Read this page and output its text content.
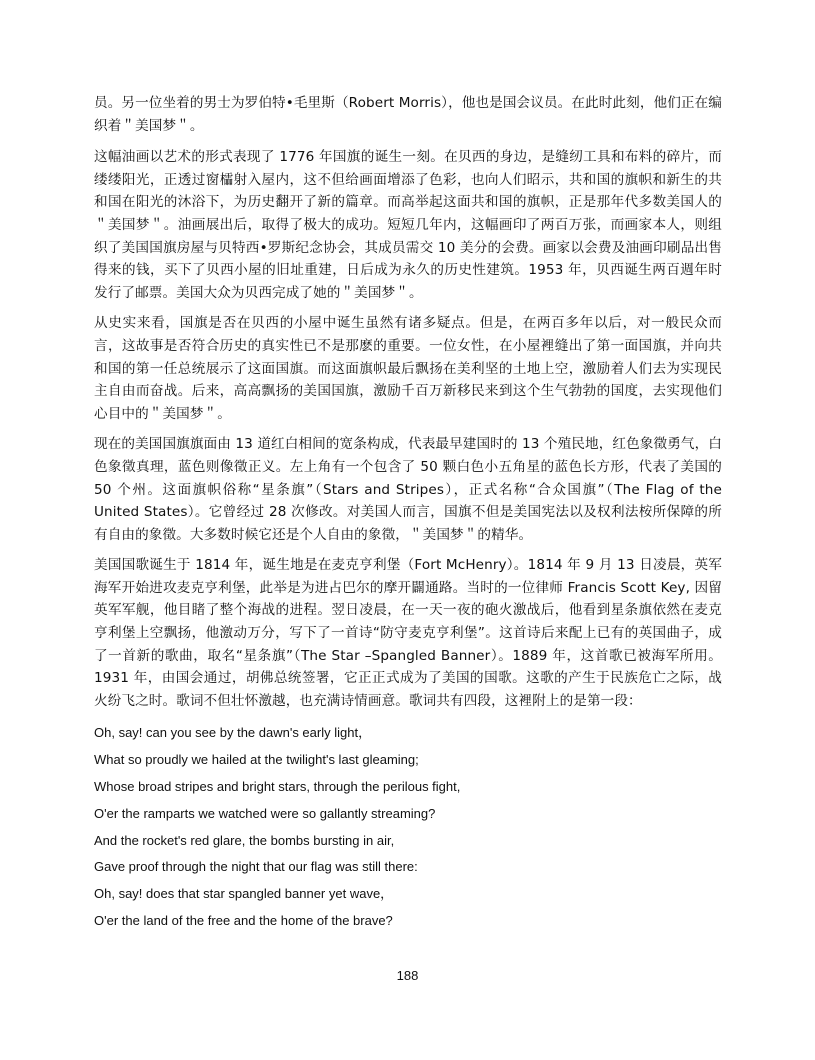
员。另一位坐着的男士为罗伯特•毛里斯（Robert Morris），他也是国会议员。在此时此刻，他们正在编织着＂美国梦＂。

这幅油画以艺术的形式表现了 1776 年国旗的诞生一刻。在贝西的身边，是缝纫工具和布料的碎片，而缕缕阳光，正透过窗櫺射入屋内，这不但给画面增添了色彩，也向人们昭示，共和国的旗帜和新生的共和国在阳光的沐浴下，为历史翻开了新的篇章。而高举起这面共和国的旗帜，正是那年代多数美国人的＂美国梦＂。油画展出后，取得了极大的成功。短短几年内，这幅画印了两百万张，而画家本人，则组织了美国国旗房屋与贝特西•罗斯纪念协会，其成员需交 10 美分的会费。画家以会费及油画印刷品出售得来的钱，买下了贝西小屋的旧址重建，日后成为永久的历史性建筑。1953 年，贝西诞生两百週年时发行了邮票。美国大众为贝西完成了她的＂美国梦＂。

从史实来看，国旗是否在贝西的小屋中诞生虽然有诸多疑点。但是，在两百多年以后，对一般民众而言，这故事是否符合历史的真实性已不是那麽的重要。一位女性，在小屋裡缝出了第一面国旗，并向共和国的第一任总统展示了这面国旗。而这面旗帜最后飘扬在美利坚的土地上空，激励着人们去为实现民主自由而奋战。后来，高高飘扬的美国国旗，激励千百万新移民来到这个生气勃勃的国度，去实现他们心目中的＂美国梦＂。

现在的美国国旗旗面由 13 道红白相间的宽条构成，代表最早建国时的 13 个殖民地，红色象徵勇气，白色象徵真理，蓝色则像徵正义。左上角有一个包含了 50 颗白色小五角星的蓝色长方形，代表了美国的 50 个州。这面旗帜俗称“星条旗”（Stars and Stripes），正式名称“合众国旗”（The Flag of the United States）。它曾经过 28 次修改。对美国人而言，国旗不但是美国宪法以及权利法桉所保障的所有自由的象徵。大多数时候它还是个人自由的象徵，＂美国梦＂的精华。

美国国歌诞生于 1814 年，诞生地是在麦克亨利堡（Fort McHenry）。1814 年 9 月 13 日凌晨，英军海军开始进攻麦克亨利堡，此举是为进占巴尔的摩开闢通路。当时的一位律师 Francis Scott Key, 因留英军军舰，他目睹了整个海战的进程。翌日凌晨，在一天一夜的砲火激战后，他看到星条旗依然在麦克亨利堡上空飘扬，他激动万分，写下了一首诗“防守麦克亨利堡”。这首诗后来配上已有的英国曲子，成了一首新的歌曲，取名“星条旗”（The Star –Spangled Banner）。1889 年，这首歌已被海军所用。 1931 年，由国会通过，胡佛总统签署，它正正式成为了美国的国歌。这歌的产生于民族危亡之际，战火纷飞之时。歌词不但壮怀激越，也充满诗情画意。歌词共有四段，这裡附上的是第一段：

Oh, say! can you see by the dawn's early light，

What so proudly we hailed at the twilight's last gleaming;

Whose broad stripes and bright stars, through the perilous fight,

O'er the ramparts we watched were so gallantly streaming?

And the rocket's red glare, the bombs bursting in air,

Gave proof through the night that our flag was still there:

Oh, say! does that star spangled banner yet wave，

O'er the land of the free and the home of the brave?

188
